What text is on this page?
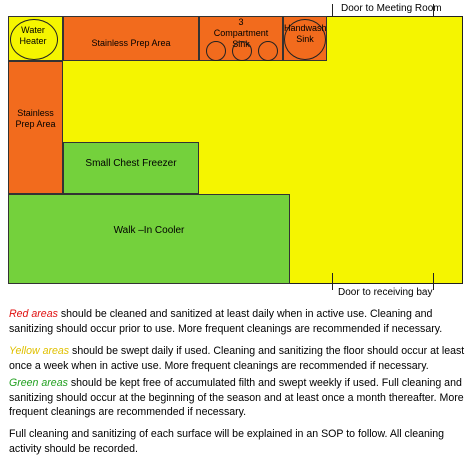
Water Heater	Stainless Prep Area
3 Compartment Sink
Handwash Sink
Stainless Prep Area
Small Chest Freezer
Walk –In Cooler
Door to Meeting Room
Door to receiving bay

Red areas should be cleaned and sanitized at least daily when in active use. Cleaning and sanitizing should occur prior to use. More frequent cleanings are recommended if necessary.

Yellow areas should be swept daily if used. Cleaning and sanitizing the floor should occur at least once a week when in active use. More frequent cleanings are recommended if necessary.

Green areas should be kept free of accumulated filth and swept weekly if used. Full cleaning and sanitizing should occur at the beginning of the season and at least once a month thereafter. More frequent cleanings are recommended if necessary.

Full cleaning and sanitizing of each surface will be explained in an SOP to follow. All cleaning activity should be recorded.
